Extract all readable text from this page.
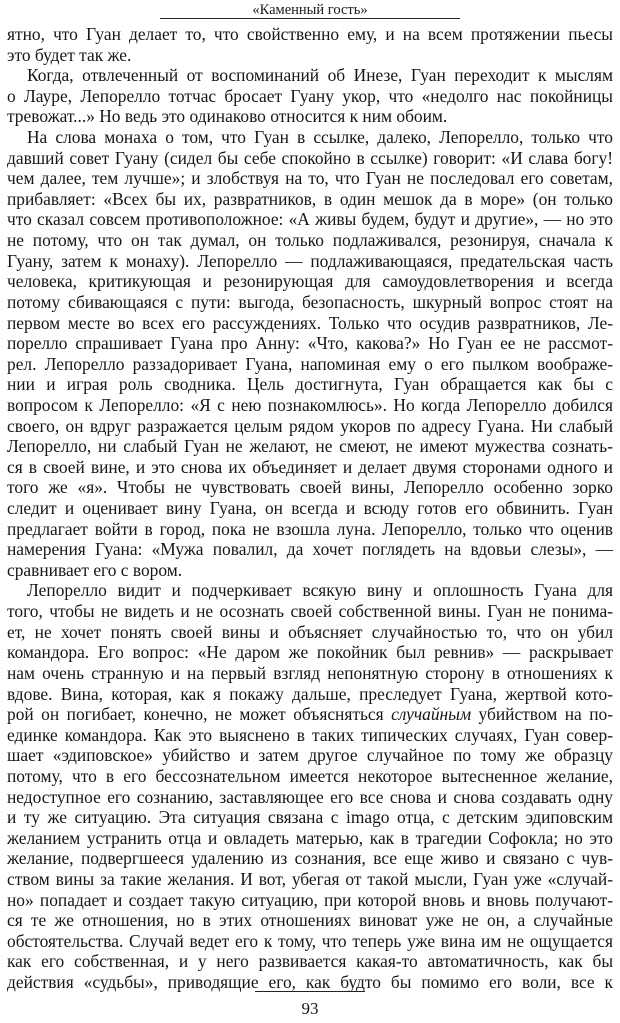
«Каменный гость»
ятно, что Гуан делает то, что свойственно ему, и на всем протяжении пьесы
это будет так же.
Когда, отвлеченный от воспоминаний об Инезе, Гуан переходит к мыслям
о Лауре, Лепорелло тотчас бросает Гуану укор, что «недолго нас покойницы
тревожат...» Но ведь это одинаково относится к ним обоим.
На слова монаха о том, что Гуан в ссылке, далеко, Лепорелло, только что
давший совет Гуану (сидел бы себе спокойно в ссылке) говорит: «И слава богу!
чем далее, тем лучше»; и злобствуя на то, что Гуан не последовал его советам,
прибавляет: «Всех бы их, развратников, в один мешок да в море» (он только
что сказал совсем противоположное: «А живы будем, будут и другие», — но это
не потому, что он так думал, он только подлаживался, резонируя, сначала к
Гуану, затем к монаху). Лепорелло — подлаживающаяся, предательская часть
человека, критикующая и резонирующая для самоудовлетворения и всегда
потому сбивающаяся с пути: выгода, безопасность, шкурный вопрос стоят на
первом месте во всех его рассуждениях. Только что осудив развратников, Ле-
порелло спрашивает Гуана про Анну: «Что, какова?» Но Гуан ее не рассмот-
рел. Лепорелло раззадоривает Гуана, напоминая ему о его пылком воображе-
нии и играя роль сводника. Цель достигнута, Гуан обращается как бы с
вопросом к Лепорелло: «Я с нею познакомлюсь». Но когда Лепорелло добился
своего, он вдруг разражается целым рядом укоров по адресу Гуана. Ни слабый
Лепорелло, ни слабый Гуан не желают, не смеют, не имеют мужества сознать-
ся в своей вине, и это снова их объединяет и делает двумя сторонами одного и
того же «я». Чтобы не чувствовать своей вины, Лепорелло особенно зорко
следит и оценивает вину Гуана, он всегда и всюду готов его обвинить. Гуан
предлагает войти в город, пока не взошла луна. Лепорелло, только что оценив
намерения Гуана: «Мужа повалил, да хочет поглядеть на вдовьи слезы», —
сравнивает его с вором.
Лепорелло видит и подчеркивает всякую вину и оплошность Гуана для
того, чтобы не видеть и не осознать своей собственной вины. Гуан не понима-
ет, не хочет понять своей вины и объясняет случайностью то, что он убил
командора. Его вопрос: «Не даром же покойник был ревнив» — раскрывает
нам очень странную и на первый взгляд непонятную сторону в отношениях к
вдове. Вина, которая, как я покажу дальше, преследует Гуана, жертвой кото-
рой он погибает, конечно, не может объясняться случайным убийством на по-
единке командора. Как это выяснено в таких типических случаях, Гуан совер-
шает «эдиповское» убийство и затем другое случайное по тому же образцу
потому, что в его бессознательном имеется некоторое вытесненное желание,
недоступное его сознанию, заставляющее его все снова и снова создавать одну
и ту же ситуацию. Эта ситуация связана с imago отца, с детским эдиповским
желанием устранить отца и овладеть матерью, как в трагедии Софокла; но это
желание, подвергшееся удалению из сознания, все еще живо и связано с чув-
ством вины за такие желания. И вот, убегая от такой мысли, Гуан уже «случай-
но» попадает и создает такую ситуацию, при которой вновь и вновь получают-
ся те же отношения, но в этих отношениях виноват уже не он, а случайные
обстоятельства. Случай ведет его к тому, что теперь уже вина им не ощущается
как его собственная, и у него развивается какая-то автоматичность, как бы
действия «судьбы», приводящие его, как будто бы помимо его воли, все к
93
